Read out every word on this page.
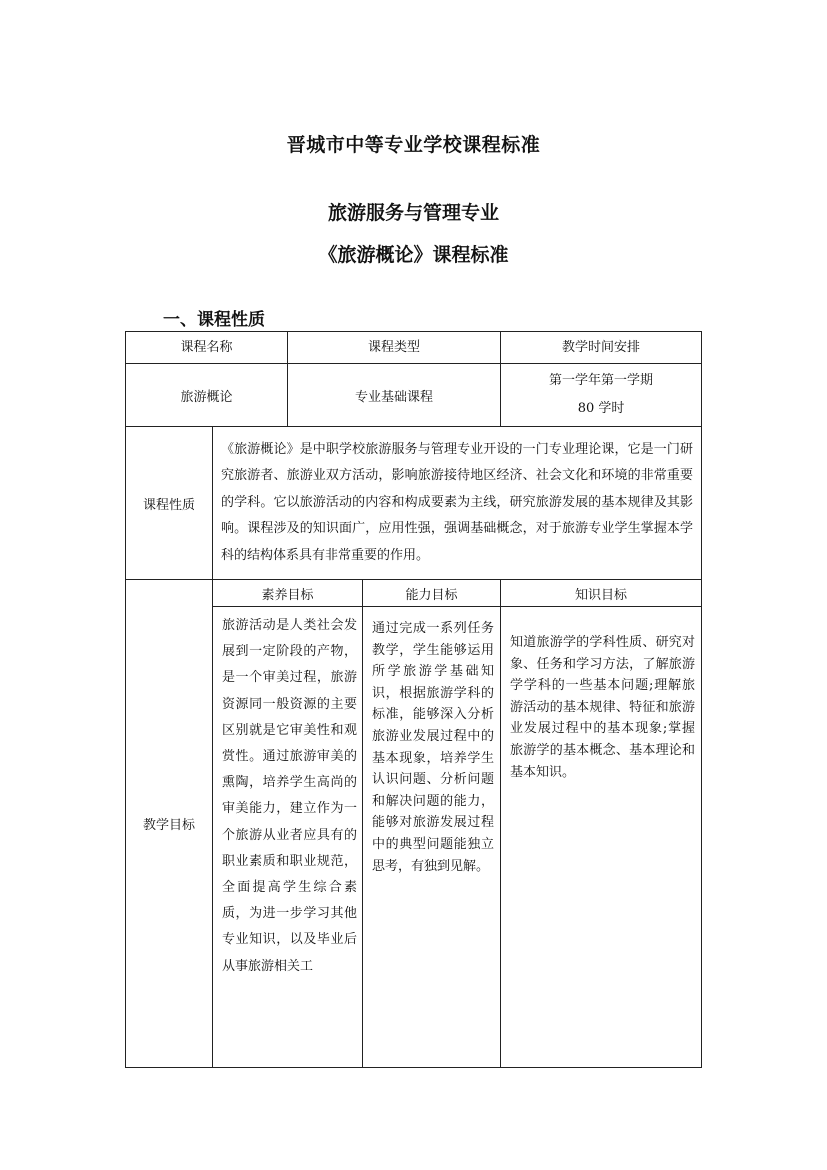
晋城市中等专业学校课程标准
旅游服务与管理专业
《旅游概论》课程标准
一、课程性质
课程名称		课程类型		教学时间安排
旅游概论		专业基础课程		第一学年第一学期
80 学时

课程性质	《旅游概论》是中职学校旅游服务与管理专业开设的一门专业理论课，它是一门研究旅游者、旅游业双方活动，影响旅游接待地区经济、社会文化和环境的非常重要的学科。它以旅游活动的内容和构成要素为主线，研究旅游发展的基本规律及其影响。课程涉及的知识面广，应用性强，强调基础概念，对于旅游专业学生掌握本学科的结构体系具有非常重要的作用。			
教学目标	素养目标		能力目标	知识目标
	旅游活动是人类社会发展到一定阶段的产物，是一个审美过程，旅游资源同一般资源的主要区别就是它审美性和观赏性。通过旅游审美的熏陶，培养学生高尚的审美能力，建立作为一个旅游从业者应具有的职业素质和职业规范，全面提高学生综合素质，为进一步学习其他专业知识，以及毕业后从事旅游相关工		通过完成一系列任务教学，学生能够运用所学旅游学基础知识，根据旅游学科的标准，能够深入分析旅游业发展过程中的基本现象，培养学生认识问题、分析问题和解决问题的能力，能够对旅游发展过程中的典型问题能独立思考，有独到见解。	知道旅游学的学科性质、研究对象、任务和学习方法，了解旅游学学科的一些基本问题;理解旅游活动的基本规律、特征和旅游业发展过程中的基本现象;掌握旅游学的基本概念、基本理论和基本知识。
